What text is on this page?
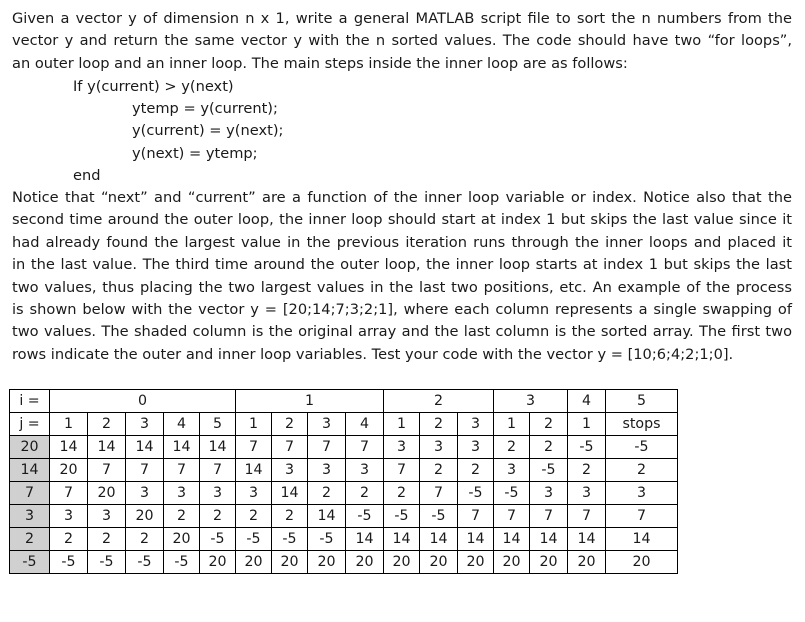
Given a vector y of dimension n x 1, write a general MATLAB script file to sort the n numbers from the
vector y and return the same vector y with the n sorted values. The code should have two “for loops”,
an outer loop and an inner loop. The main steps inside the inner loop are as follows:
If y(current) > y(next)
ytemp = y(current);
y(current) = y(next);
y(next) = ytemp;
end
Notice that “next” and “current” are a function of the inner loop variable or index. Notice also that the
second time around the outer loop, the inner loop should start at index 1 but skips the last value since it
had already found the largest value in the previous iteration runs through the inner loops and placed it
in the last value. The third time around the outer loop, the inner loop starts at index 1 but skips the last
two values, thus placing the two largest values in the last two positions, etc. An example of the process
is shown below with the vector y = [20;14;7;3;2;1], where each column represents a single swapping of
two values. The shaded column is the original array and the last column is the sorted array. The first two
rows indicate the outer and inner loop variables. Test your code with the vector y = [10;6;4;2;1;0].
i =	0					1				2			3		4	5
j =	1	2	3	4	5	1	2	3	4	1	2	3	1	2	1	stops
20	14	14	14	14	14	7	7	7	7	3	3	3	2	2	-5	-5
14	20	7	7	7	7	14	3	3	3	7	2	2	3	-5	2	2
7	7	20	3	3	3	3	14	2	2	2	7	-5	-5	3	3	3
3	3	3	20	2	2	2	2	14	-5	-5	-5	7	7	7	7	7
2	2	2	2	20	-5	-5	-5	-5	14	14	14	14	14	14	14	14
-5	-5	-5	-5	-5	20	20	20	20	20	20	20	20	20	20	20	20
